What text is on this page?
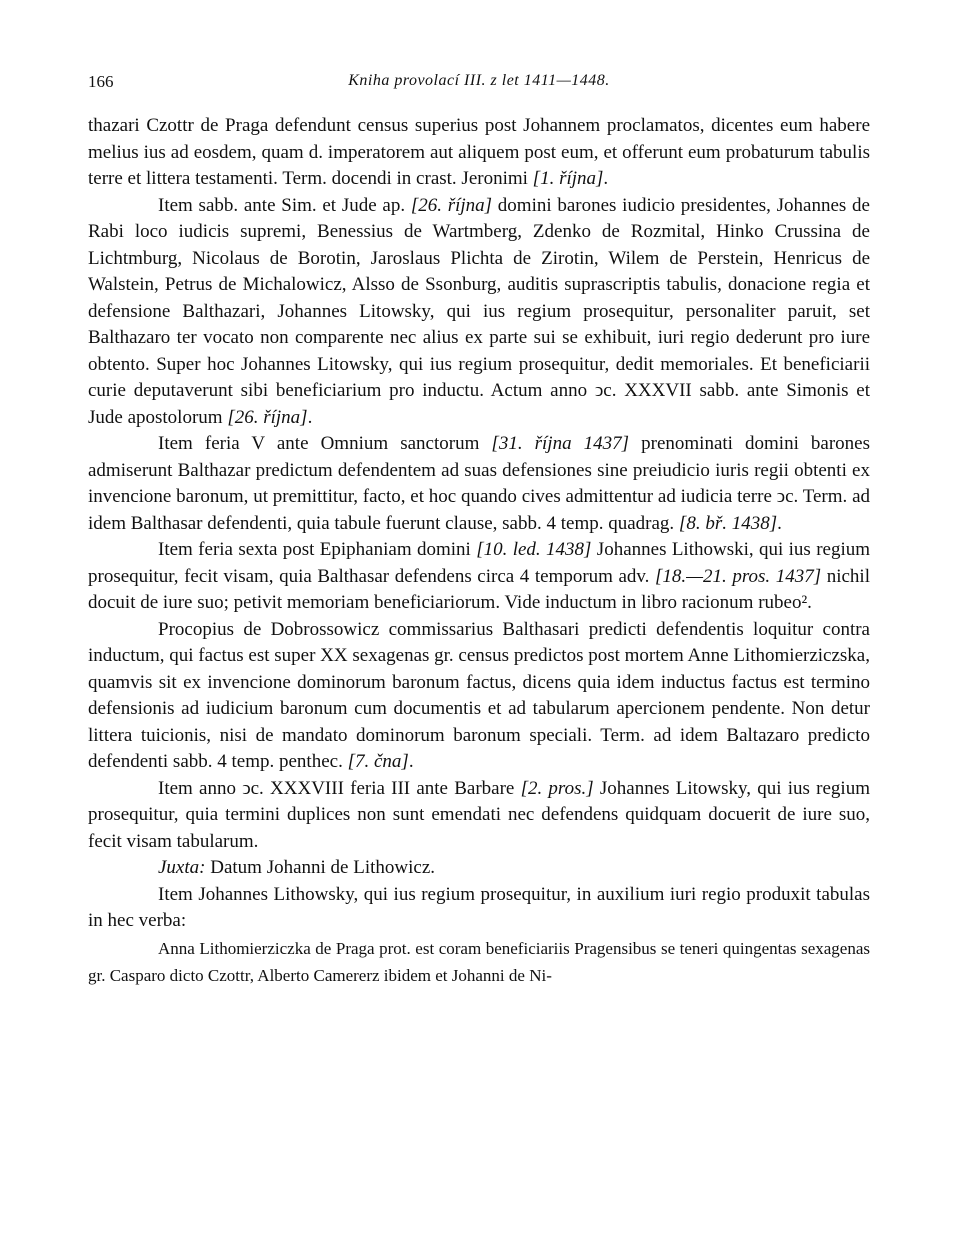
166	Kniha provolací III. z let 1411—1448.

thazari Czottr de Praga defendunt census superius post Johannem proclamatos, dicentes eum habere melius ius ad eosdem, quam d. imperatorem aut aliquem post eum, et offerunt eum probaturum tabulis terre et littera testamenti. Term. docendi in crast. Jeronimi [1. října].

Item sabb. ante Sim. et Jude ap. [26. října] domini barones iudicio presidentes, Johannes de Rabi loco iudicis supremi, Benessius de Wartmberg, Zdenko de Rozmital, Hinko Crussina de Lichtmburg, Nicolaus de Borotin, Jaroslaus Plichta de Zirotin, Wilem de Perstein, Henricus de Walstein, Petrus de Michalowicz, Alsso de Ssonburg, auditis suprascriptis tabulis, donacione regia et defensione Balthazari, Johannes Litowsky, qui ius regium prosequitur, personaliter paruit, set Balthazaro ter vocato non comparente nec alius ex parte sui se exhibuit, iuri regio dederunt pro iure obtento. Super hoc Johannes Litowsky, qui ius regium prosequitur, dedit memoriales. Et beneficiarii curie deputaverunt sibi beneficiarium pro inductu. Actum anno ↄc. XXXVII sabb. ante Simonis et Jude apostolorum [26. října].

Item feria V ante Omnium sanctorum [31. října 1437] prenominati domini barones admiserunt Balthazar predictum defendentem ad suas defensiones sine preiudicio iuris regii obtenti ex invencione baronum, ut premittitur, facto, et hoc quando cives admittentur ad iudicia terre ↄc. Term. ad idem Balthasar defendenti, quia tabule fuerunt clause, sabb. 4 temp. quadrag. [8. bř. 1438].

Item feria sexta post Epiphaniam domini [10. led. 1438] Johannes Lithowski, qui ius regium prosequitur, fecit visam, quia Balthasar defendens circa 4 temporum adv. [18.—21. pros. 1437] nichil docuit de iure suo; petivit memoriam beneficiariorum. Vide inductum in libro racionum rubeo².

Procopius de Dobrossowicz commissarius Balthasari predicti defendentis loquitur contra inductum, qui factus est super XX sexagenas gr. census predictos post mortem Anne Lithomierziczska, quamvis sit ex invencione dominorum baronum factus, dicens quia idem inductus factus est termino defensionis ad iudicium baronum cum documentis et ad tabularum apercionem pendente. Non detur littera tuicionis, nisi de mandato dominorum baronum speciali. Term. ad idem Baltazaro predicto defendenti sabb. 4 temp. penthec. [7. čna].

Item anno ↄc. XXXVIII feria III ante Barbare [2. pros.] Johannes Litowsky, qui ius regium prosequitur, quia termini duplices non sunt emendati nec defendens quidquam docuerit de iure suo, fecit visam tabularum.

Juxta: Datum Johanni de Lithowicz.

Item Johannes Lithowsky, qui ius regium prosequitur, in auxilium iuri regio produxit tabulas in hec verba:

Anna Lithomierziczka de Praga prot. est coram beneficiariis Pragensibus se teneri quingentas sexagenas gr. Casparo dicto Czottr, Alberto Camererz ibidem et Johanni de Ni-
